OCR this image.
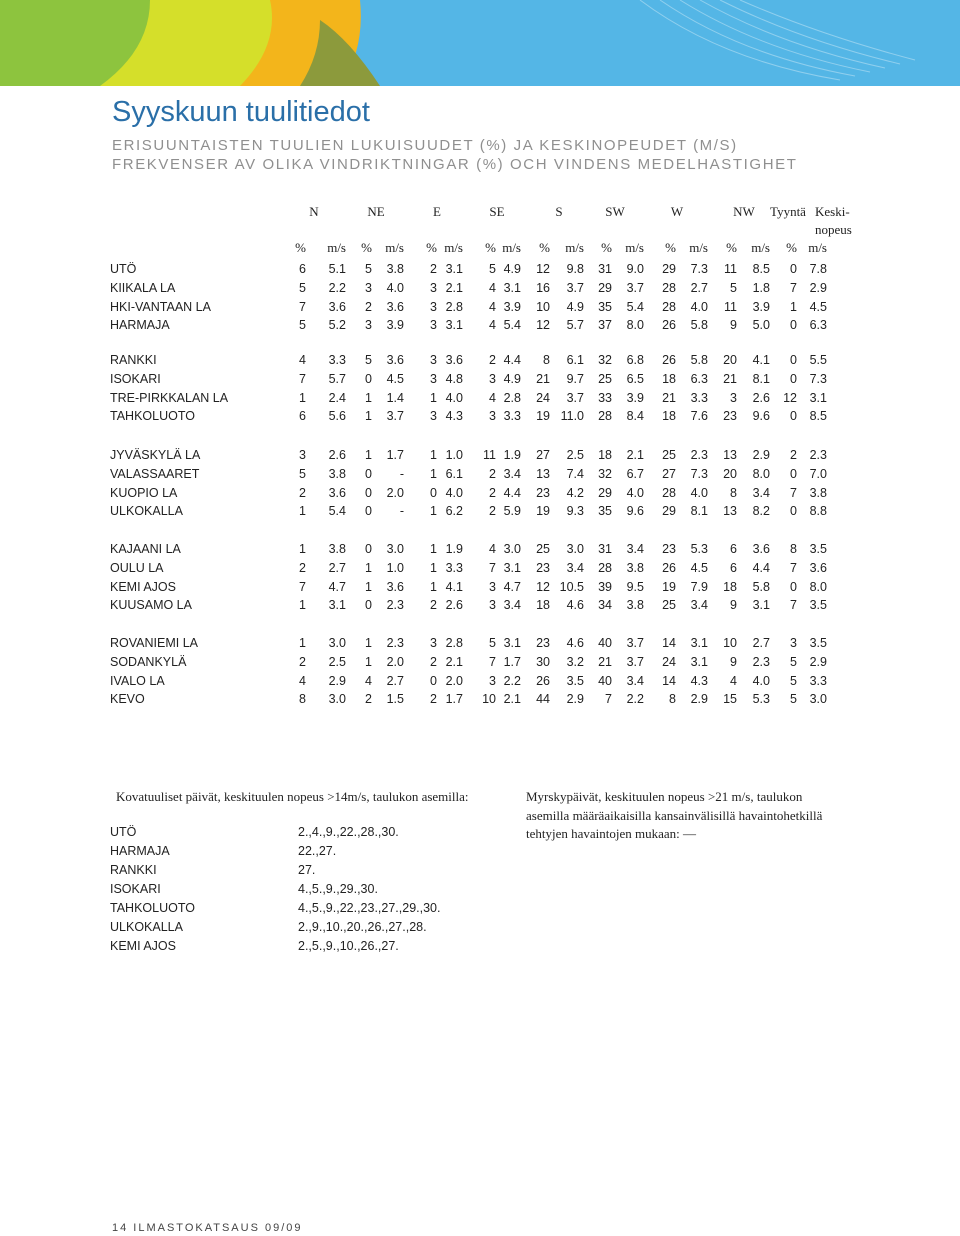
Syyskuun tuulitiedot

ERISUUNTAISTEN TUULIEN LUKUISUUDET (%) JA KESKINOPEUDET (M/S)

FREKVENSER AV OLIKA VINDRIKTNINGAR (%) OCH VINDENS MEDELHASTIGHET

N	NE	E	SE	S	SW	W	NW Tyyntä Keski-
nopeus
% m/s % m/s % m/s % m/s % m/s % m/s % m/s % m/s % m/s
UTÖ	6 5.1 5 3.8 2 3.1 5 4.9 12 9.8 31 9.0 29 7.3 11 8.5 0 7.8
KIIKALA LA	5 2.2 3 4.0 3 2.1 4 3.1 16 3.7 29 3.7 28 2.7 5 1.8 7 2.9
HKI-VANTAAN LA	7 3.6 2 3.6 3 2.8 4 3.9 10 4.9 35 5.4 28 4.0 11 3.9 1 4.5
HARMAJA	5 5.2 3 3.9 3 3.1 4 5.4 12 5.7 37 8.0 26 5.8 9 5.0 0 6.3
RANKKI	4 3.3 5 3.6 3 3.6 2 4.4 8 6.1 32 6.8 26 5.8 20 4.1 0 5.5
ISOKARI	7 5.7 0 4.5 3 4.8 3 4.9 21 9.7 25 6.5 18 6.3 21 8.1 0 7.3
TRE-PIRKKALAN LA	1 2.4 1 1.4 1 4.0 4 2.8 24 3.7 33 3.9 21 3.3 3 2.6 12 3.1
TAHKOLUOTO	6 5.6 1 3.7 3 4.3 3 3.3 19 11.0 28 8.4 18 7.6 23 9.6 0 8.5
JYVÄSKYLÄ LA	3 2.6 1 1.7 1 1.0 11 1.9 27 2.5 18 2.1 25 2.3 13 2.9 2 2.3
VALASSAARET	5 3.8 0 - 1 6.1 2 3.4 13 7.4 32 6.7 27 7.3 20 8.0 0 7.0
KUOPIO LA	2 3.6 0 2.0 0 4.0 2 4.4 23 4.2 29 4.0 28 4.0 8 3.4 7 3.8
ULKOKALLA	1 5.4 0 - 1 6.2 2 5.9 19 9.3 35 9.6 29 8.1 13 8.2 0 8.8
KAJAANI LA	1 3.8 0 3.0 1 1.9 4 3.0 25 3.0 31 3.4 23 5.3 6 3.6 8 3.5
OULU LA	2 2.7 1 1.0 1 3.3 7 3.1 23 3.4 28 3.8 26 4.5 6 4.4 7 3.6
KEMI AJOS	7 4.7 1 3.6 1 4.1 3 4.7 12 10.5 39 9.5 19 7.9 18 5.8 0 8.0
KUUSAMO LA	1 3.1 0 2.3 2 2.6 3 3.4 18 4.6 34 3.8 25 3.4 9 3.1 7 3.5
ROVANIEMI LA	1 3.0 1 2.3 3 2.8 5 3.1 23 4.6 40 3.7 14 3.1 10 2.7 3 3.5
SODANKYLÄ	2 2.5 1 2.0 2 2.1 7 1.7 30 3.2 21 3.7 24 3.1 9 2.3 5 2.9
IVALO LA	4 2.9 4 2.7 0 2.0 3 2.2 26 3.5 40 3.4 14 4.3 4 4.0 5 3.3
KEVO	8 3.0 2 1.5 2 1.7 10 2.1 44 2.9 7 2.2 8 2.9 15 5.3 5 3.0
Kovatuuliset päivät, keskituulen nopeus >14m/s, taulukon asemilla:
UTÖ	2.,4.,9.,22.,28.,30.
HARMAJA	22.,27.
RANKKI	27.
ISOKARI	4.,5.,9.,29.,30.
TAHKOLUOTO	4.,5.,9.,22.,23.,27.,29.,30.
ULKOKALLA	2.,9.,10.,20.,26.,27.,28.
KEMI AJOS	2.,5.,9.,10.,26.,27.
Myrskypäivät, keskituulen nopeus >21 m/s, taulukon
asemilla määräaikaisilla kansainvälisillä havaintohetkillä
tehtyjen havaintojen mukaan: —
14 ILMASTOKATSAUS 09/09
